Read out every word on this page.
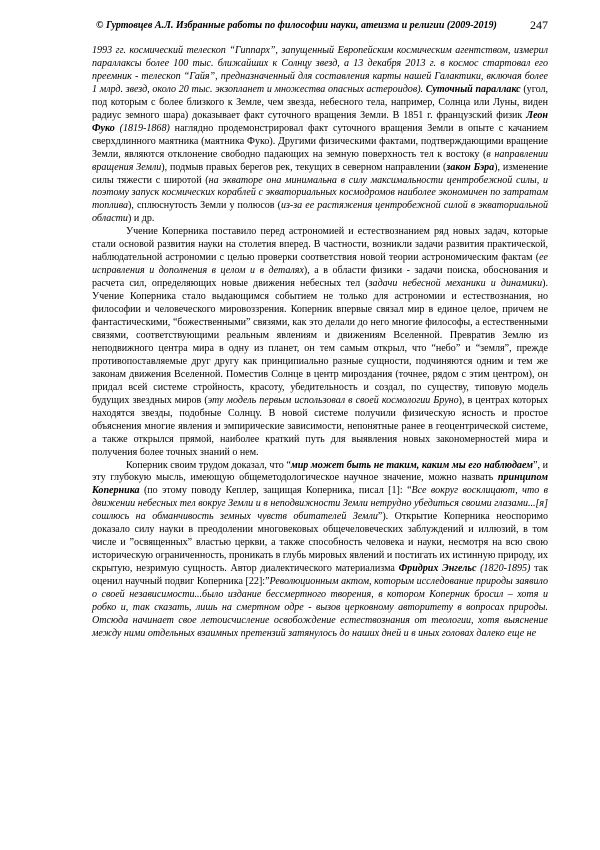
© Гуртовцев А.Л. Избранные работы по философии науки, атеизма и религии (2009-2019)	247

1993 гг. космический телескоп “Гиппарх”, запущенный Европейским космическим агентством, измерил параллаксы более 100 тыс. ближайших к Солнцу звезд, а 13 декабря 2013 г. в космос стартовал его преемник - телескоп “Гайя”, предназначенный для составления карты нашей Галактики, включая более 1 млрд. звезд, около 20 тыс. экзопланет и множества опасных астероидов). Суточный параллакс (угол, под которым с более близкого к Земле, чем звезда, небесного тела, например, Солнца или Луны, виден радиус земного шара) доказывает факт суточного вращения Земли. В 1851 г. французский физик Леон Фуко (1819-1868) наглядно продемонстрировал факт суточного вращения Земли в опыте с качанием сверхдлинного маятника (маятника Фуко). Другими физическими фактами, подтверждающими вращение Земли, являются отклонение свободно падающих на земную поверхность тел к востоку (в направлении вращения Земли), подмыв правых берегов рек, текущих в северном направлении (закон Бэра), изменение силы тяжести с широтой (на экваторе она минимальна в силу максимальности центробежной силы, и поэтому запуск космических кораблей с экваториальных космодромов наиболее экономичен по затратам топлива), сплюснутость Земли у полюсов (из-за ее растяжения центробежной силой в экваториальной области) и др.

Учение Коперника поставило перед астрономией и естествознанием ряд новых задач, которые стали основой развития науки на столетия вперед. В частности, возникли задачи развития практической, наблюдательной астрономии с целью проверки соответствия новой теории астрономическим фактам (ее исправления и дополнения в целом и в деталях), а в области физики - задачи поиска, обоснования и расчета сил, определяющих новые движения небесных тел (задачи небесной механики и динамики). Учение Коперника стало выдающимся событием не только для астрономии и естествознания, но философии и человеческого мировоззрения. Коперник впервые связал мир в единое целое, причем не фантастическими, “божественными” связями, как это делали до него многие философы, а естественными связями, соответствующими реальным явлениям и движениям Вселенной. Превратив Землю из неподвижного центра мира в одну из планет, он тем самым открыл, что “небо” и “земля”, прежде противопоставляемые друг другу как принципиально разные сущности, подчиняются одним и тем же законам движения Вселенной. Поместив Солнце в центр мироздания (точнее, рядом с этим центром), он придал всей системе стройность, красоту, убедительность и создал, по существу, типовую модель будущих звездных миров (эту модель первым использовал в своей космологии Бруно), в центрах которых находятся звезды, подобные Солнцу. В новой системе получили физическую ясность и простое объяснения многие явления и эмпирические зависимости, непонятные ранее в геоцентрической системе, а также открылся прямой, наиболее краткий путь для выявления новых закономерностей мира и получения более точных знаний о нем.

Коперник своим трудом доказал, что “мир может быть не таким, каким мы его наблюдаем”, и эту глубокую мысль, имеющую общеметодологическое научное значение, можно назвать принципом Коперника (по этому поводу Кеплер, защищая Коперника, писал [1]: “Все вокруг восклицают, что в движении небесных тел вокруг Земли и в неподвижности Земли нетрудно убедиться своими глазами...[я] сошлюсь на обманчивость земных чувств обитателей Земли”). Открытие Коперника неоспоримо доказало силу науки в преодолении многовековых общечеловеческих заблуждений и иллюзий, в том числе и ”освященных” властью церкви, а также способность человека и науки, несмотря на всю свою историческую ограниченность, проникать в глубь мировых явлений и постигать их истинную природу, их скрытую, незримую сущность. Автор диалектического материализма Фридрих Энгельс (1820-1895) так оценил научный подвиг Коперника [22]:”Революционным актом, которым исследование природы заявило о своей независимости...было издание бессмертного творения, в котором Коперник бросил – хотя и робко и, так сказать, лишь на смертном одре - вызов церковному авторитету в вопросах природы. Отсюда начинает свое летоисчисление освобождение естествознания от теологии, хотя выяснение между ними отдельных взаимных претензий затянулось до наших дней и в иных головах далеко еще не
